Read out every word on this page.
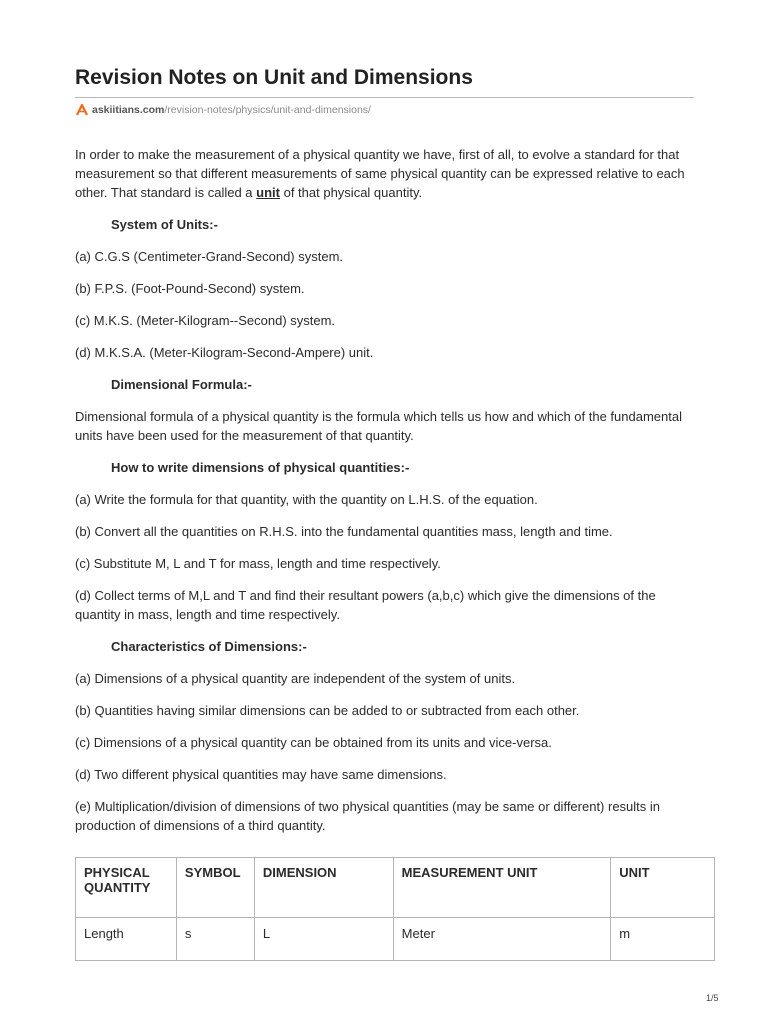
Revision Notes on Unit and Dimensions
askiitians.com /revision-notes/physics/unit-and-dimensions/

In order to make the measurement of a physical quantity we have, first of all, to evolve a standard for that measurement so that different measurements of same physical quantity can be expressed relative to each other. That standard is called a unit of that physical quantity.

System of Units:-

(a) C.G.S (Centimeter-Grand-Second) system.

(b) F.P.S. (Foot-Pound-Second) system.

(c) M.K.S. (Meter-Kilogram--Second) system.

(d) M.K.S.A. (Meter-Kilogram-Second-Ampere) unit.

Dimensional Formula:-

Dimensional formula of a physical quantity is the formula which tells us how and which of the fundamental units have been used for the measurement of that quantity.

How to write dimensions of physical quantities:-

(a) Write the formula for that quantity, with the quantity on L.H.S. of the equation.

(b) Convert all the quantities on R.H.S. into the fundamental quantities mass, length and time.

(c) Substitute M, L and T for mass, length and time respectively.

(d) Collect terms of M,L and T and find their resultant powers (a,b,c) which give the dimensions of the quantity in mass, length and time respectively.

Characteristics of Dimensions:-

(a) Dimensions of a physical quantity are independent of the system of units.

(b) Quantities having similar dimensions can be added to or subtracted from each other.

(c) Dimensions of a physical quantity can be obtained from its units and vice-versa.

(d) Two different physical quantities may have same dimensions.

(e) Multiplication/division of dimensions of two physical quantities (may be same or different) results in production of dimensions of a third quantity.

PHYSICAL QUANTITY	SYMBOL	DIMENSION	MEASUREMENT UNIT	UNIT
Length	s	L	Meter	m
1/5
